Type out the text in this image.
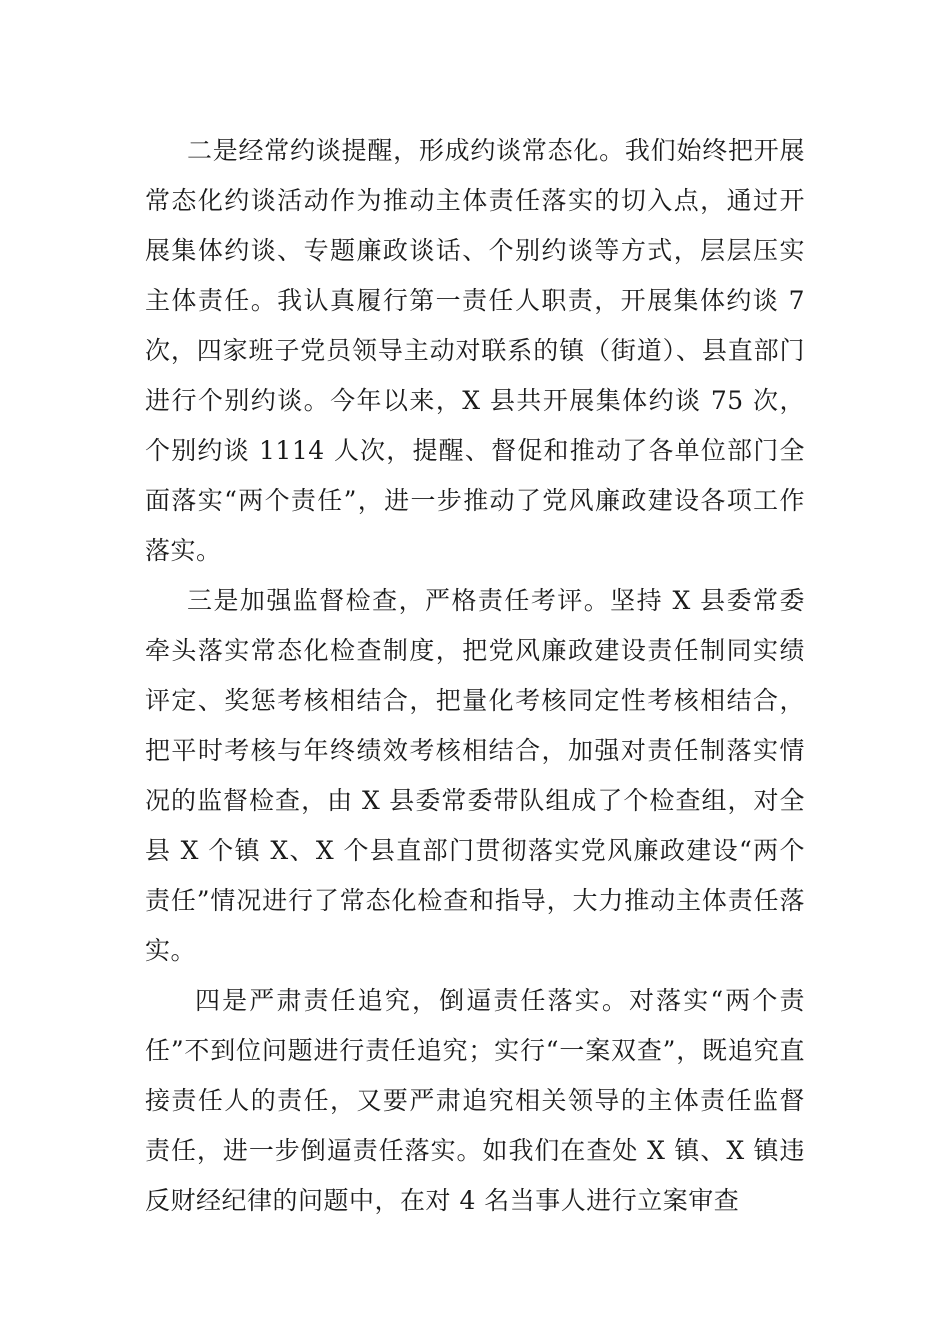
二是经常约谈提醒，形成约谈常态化。我们始终把开展常态化约谈活动作为推动主体责任落实的切入点，通过开展集体约谈、专题廉政谈话、个别约谈等方式，层层压实主体责任。我认真履行第一责任人职责，开展集体约谈 7 次，四家班子党员领导主动对联系的镇（街道）、县直部门进行个别约谈。今年以来，X 县共开展集体约谈 75 次，个别约谈 1114 人次，提醒、督促和推动了各单位部门全面落实“两个责任”，进一步推动了党风廉政建设各项工作落实。

三是加强监督检查，严格责任考评。坚持 X 县委常委牵头落实常态化检查制度，把党风廉政建设责任制同实绩评定、奖惩考核相结合，把量化考核同定性考核相结合，把平时考核与年终绩效考核相结合，加强对责任制落实情况的监督检查，由 X 县委常委带队组成了个检查组，对全县 X 个镇 X、X 个县直部门贯彻落实党风廉政建设“两个责任”情况进行了常态化检查和指导，大力推动主体责任落实。

四是严肃责任追究，倒逼责任落实。对落实“两个责任”不到位问题进行责任追究；实行“一案双查”，既追究直接责任人的责任，又要严肃追究相关领导的主体责任监督责任，进一步倒逼责任落实。如我们在查处 X 镇、X 镇违反财经纪律的问题中，在对 4 名当事人进行立案审查
